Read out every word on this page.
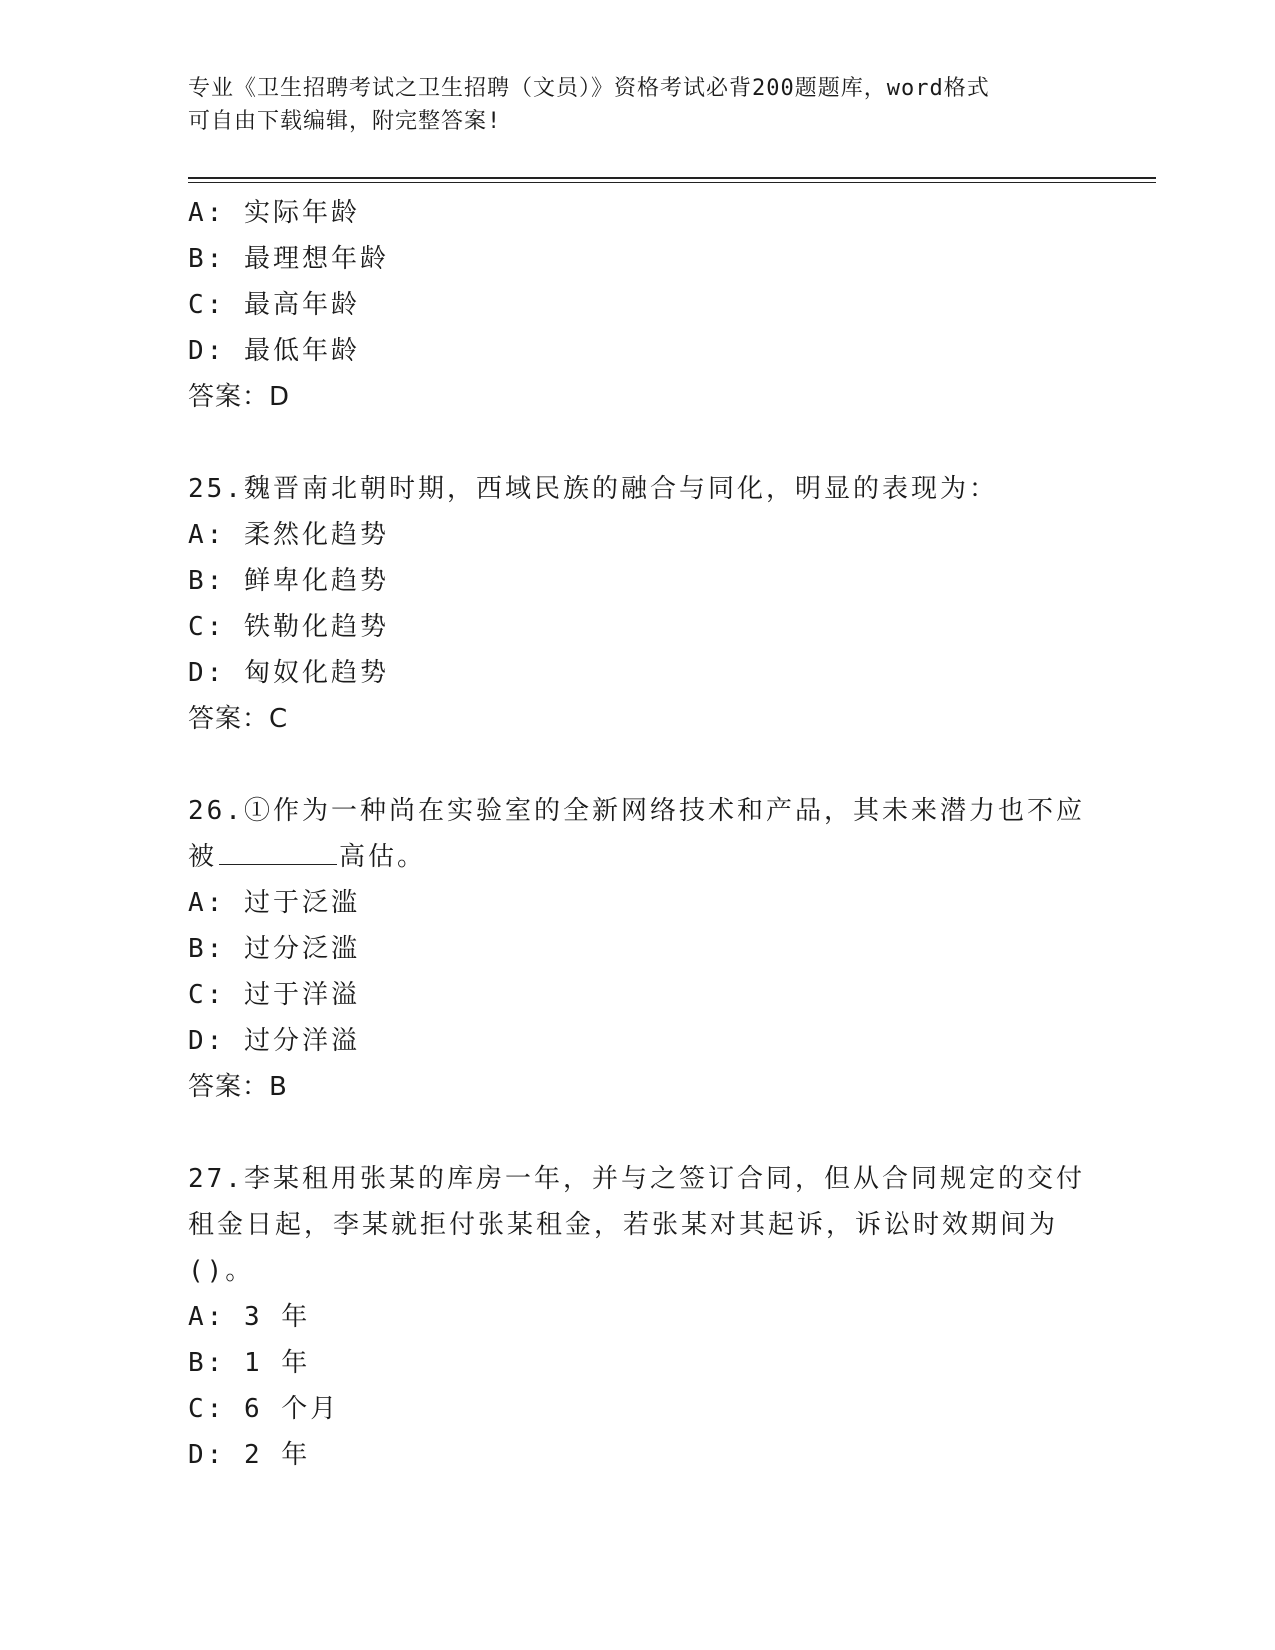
专业《卫生招聘考试之卫生招聘（文员）》资格考试必背200题题库，word格式
可自由下载编辑，附完整答案!
A: 实际年龄
B: 最理想年龄
C: 最高年龄
D: 最低年龄
答案：D
25.魏晋南北朝时期，西域民族的融合与同化，明显的表现为：
A: 柔然化趋势
B: 鲜卑化趋势
C: 铁勒化趋势
D: 匈奴化趋势
答案：C
26.①作为一种尚在实验室的全新网络技术和产品，其未来潜力也不应
被	高估。
A: 过于泛滥
B: 过分泛滥
C: 过于洋溢
D: 过分洋溢
答案：B
27.李某租用张某的库房一年，并与之签订合同，但从合同规定的交付
租金日起，李某就拒付张某租金，若张某对其起诉，诉讼时效期间为
()。
A: 3 年
B: 1 年
C: 6 个月
D: 2 年
